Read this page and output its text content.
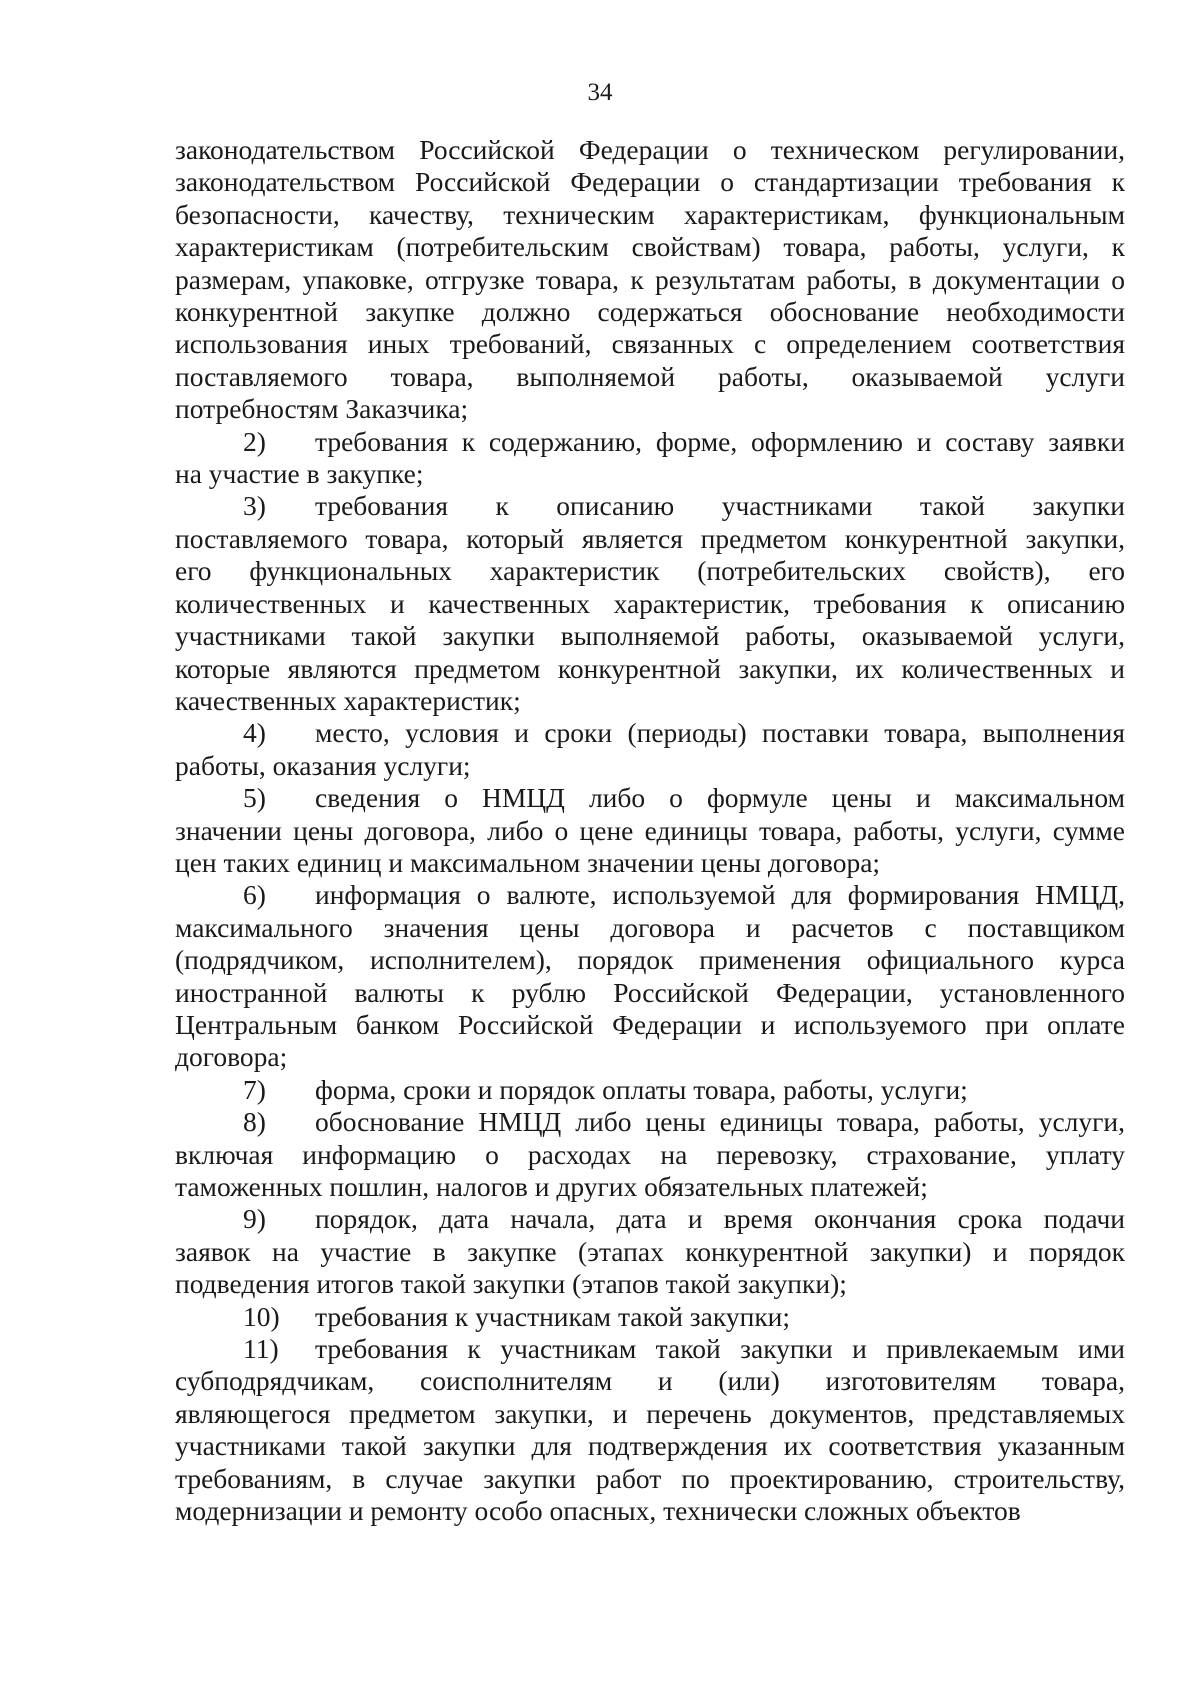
34
законодательством Российской Федерации о техническом регулировании,
законодательством Российской Федерации о стандартизации требования к
безопасности, качеству, техническим характеристикам, функциональным
характеристикам (потребительским свойствам) товара, работы, услуги, к
размерам, упаковке, отгрузке товара, к результатам работы, в документации о
конкурентной закупке должно содержаться обоснование необходимости
использования иных требований, связанных с определением соответствия
поставляемого товара, выполняемой работы, оказываемой услуги
потребностям Заказчика;
2) требования к содержанию, форме, оформлению и составу заявки
на участие в закупке;
3) требования к описанию участниками такой закупки
поставляемого товара, который является предметом конкурентной закупки,
его функциональных характеристик (потребительских свойств), его
количественных и качественных характеристик, требования к описанию
участниками такой закупки выполняемой работы, оказываемой услуги,
которые являются предметом конкурентной закупки, их количественных и
качественных характеристик;
4) место, условия и сроки (периоды) поставки товара, выполнения
работы, оказания услуги;
5) сведения о НМЦД либо о формуле цены и максимальном
значении цены договора, либо о цене единицы товара, работы, услуги, сумме
цен таких единиц и максимальном значении цены договора;
6) информация о валюте, используемой для формирования НМЦД,
максимального значения цены договора и расчетов с поставщиком
(подрядчиком, исполнителем), порядок применения официального курса
иностранной валюты к рублю Российской Федерации, установленного
Центральным банком Российской Федерации и используемого при оплате
договора;
7) форма, сроки и порядок оплаты товара, работы, услуги;
8) обоснование НМЦД либо цены единицы товара, работы, услуги,
включая информацию о расходах на перевозку, страхование, уплату
таможенных пошлин, налогов и других обязательных платежей;
9) порядок, дата начала, дата и время окончания срока подачи
заявок на участие в закупке (этапах конкурентной закупки) и порядок
подведения итогов такой закупки (этапов такой закупки);
10) требования к участникам такой закупки;
11) требования к участникам такой закупки и привлекаемым ими
субподрядчикам, соисполнителям и (или) изготовителям товара,
являющегося предметом закупки, и перечень документов, представляемых
участниками такой закупки для подтверждения их соответствия указанным
требованиям, в случае закупки работ по проектированию, строительству,
модернизации и ремонту особо опасных, технически сложных объектов
